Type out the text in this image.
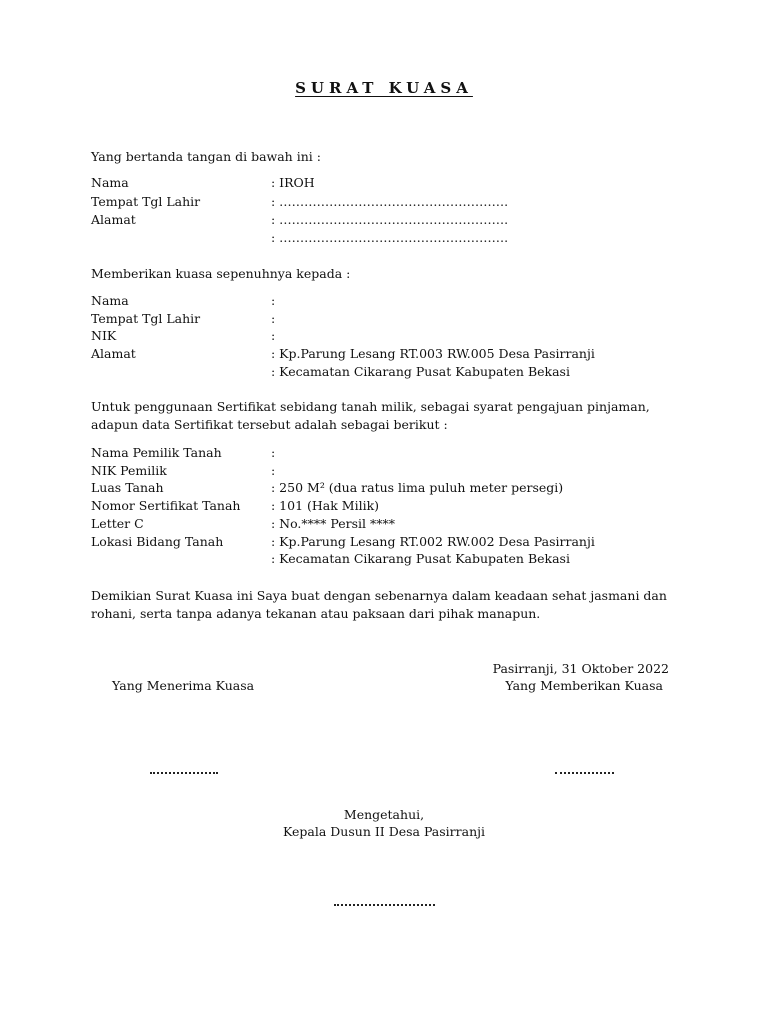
SURAT KUASA
Yang bertanda tangan di bawah ini :
Nama	: IROH
Tempat Tgl Lahir	: ……………………………………………….
Alamat	: ……………………………………………….
: ……………………………………………….
Memberikan kuasa sepenuhnya kepada :
Nama	:
Tempat Tgl Lahir	:
NIK	:
Alamat	: Kp.Parung Lesang RT.003 RW.005 Desa Pasirranji
: Kecamatan Cikarang Pusat Kabupaten Bekasi
Untuk penggunaan Sertifikat sebidang tanah milik, sebagai syarat pengajuan pinjaman,
adapun data Sertifikat tersebut adalah sebagai berikut :
Nama Pemilik Tanah	:
NIK Pemilik	:
Luas Tanah	: 250 M² (dua ratus lima puluh meter persegi)
Nomor Sertifikat Tanah : 101 (Hak Milik)
Letter C	: No.**** Persil ****
Lokasi Bidang Tanah	: Kp.Parung Lesang RT.002 RW.002 Desa Pasirranji
: Kecamatan Cikarang Pusat Kabupaten Bekasi
Demikian Surat Kuasa ini Saya buat dengan sebenarnya dalam keadaan sehat jasmani dan
rohani, serta tanpa adanya tekanan atau paksaan dari pihak manapun.
Pasirranji, 31 Oktober 2022
Yang Menerima Kuasa	Yang Memberikan Kuasa
Mengetahui,
Kepala Dusun II Desa Pasirranji
